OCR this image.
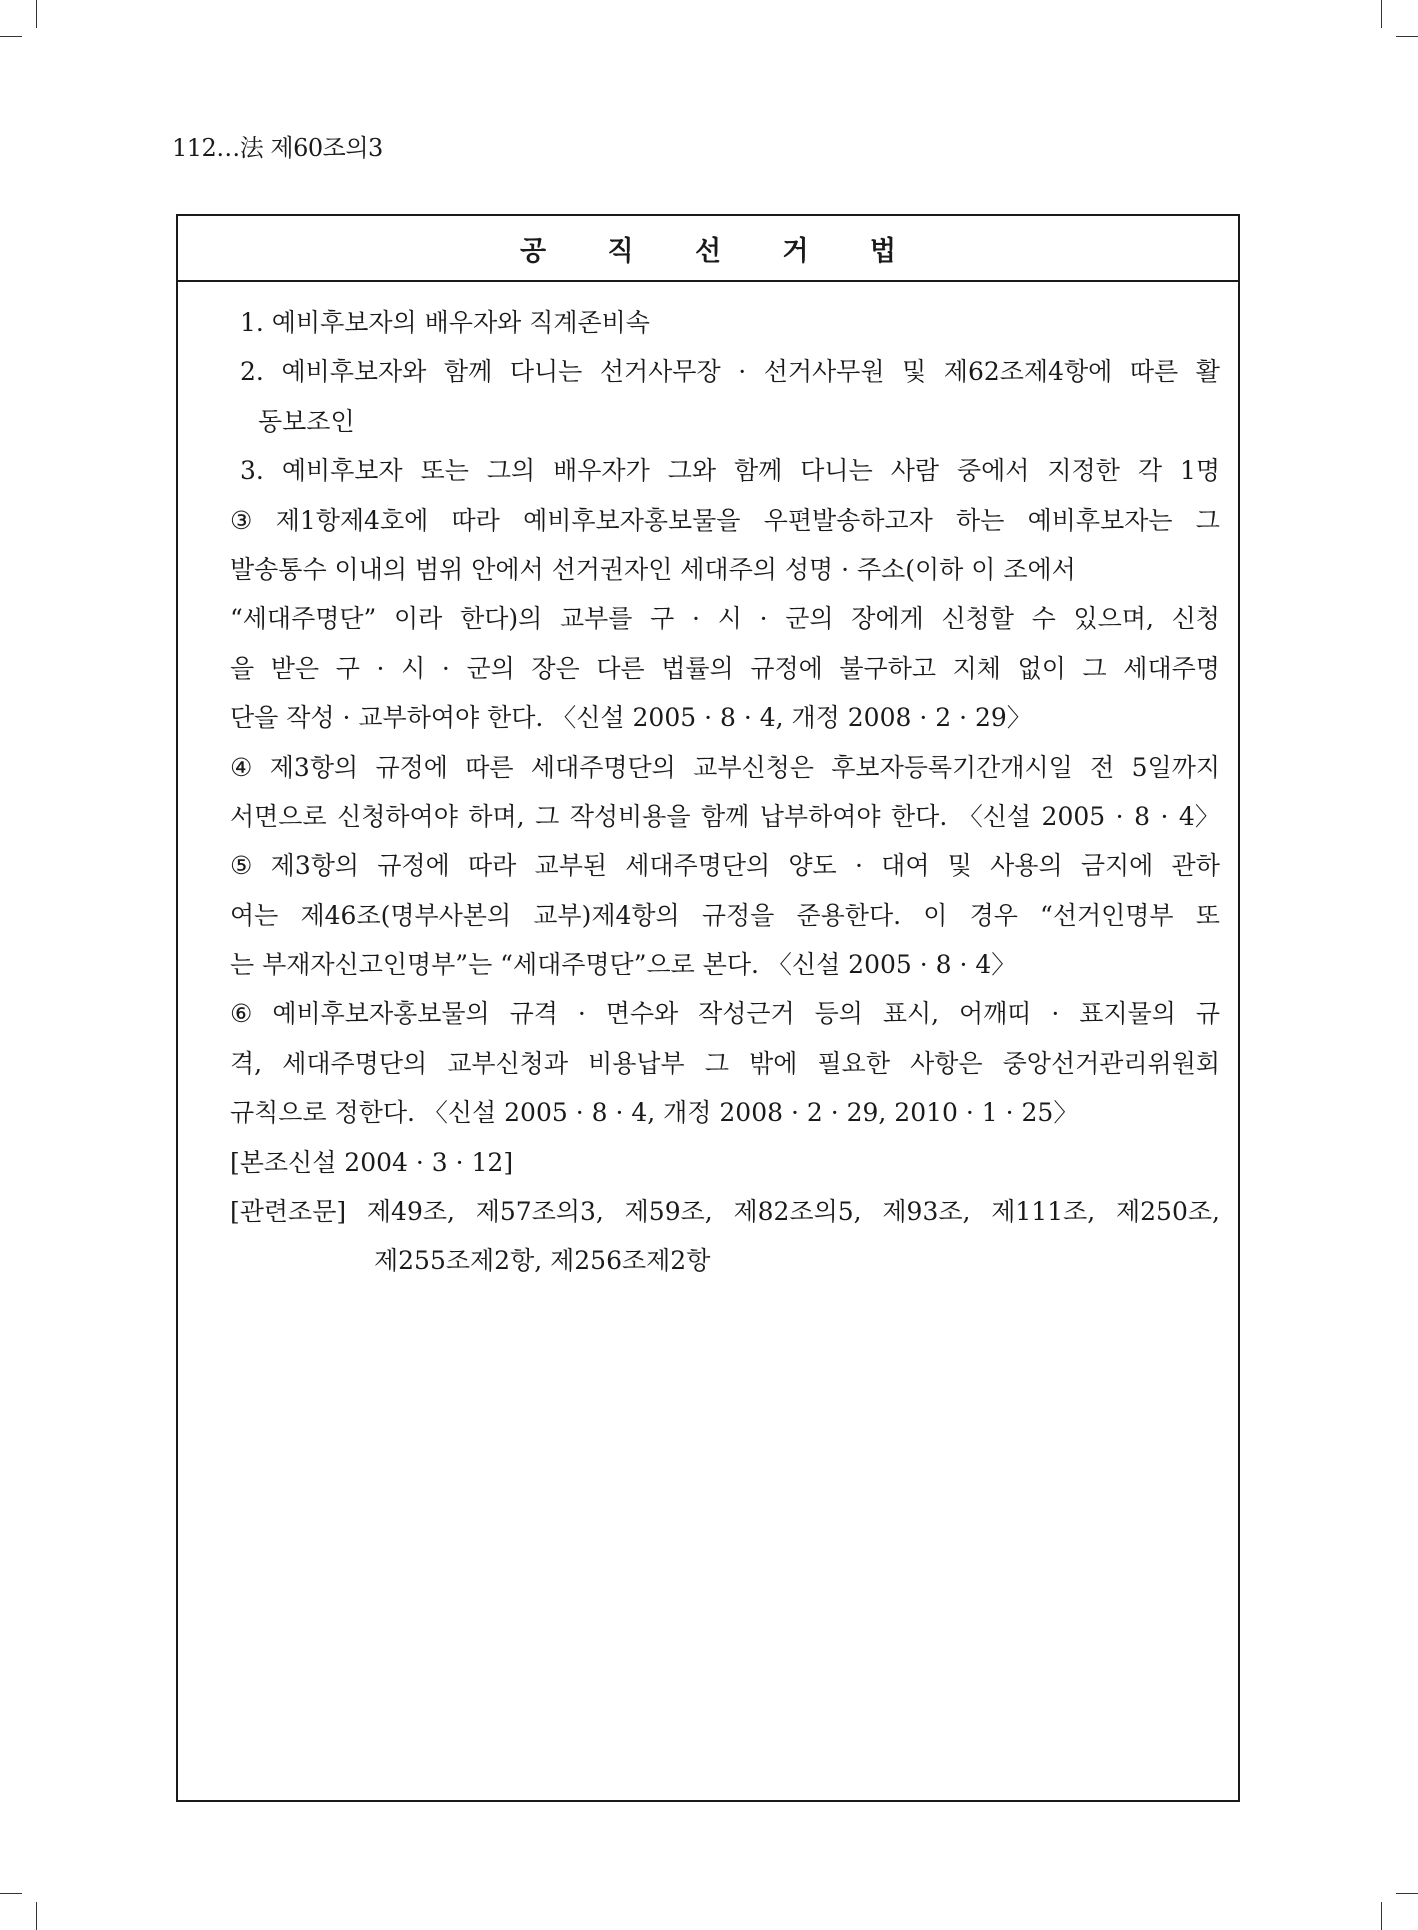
112…法 제60조의3
공 직 선 거 법
1. 예비후보자의 배우자와 직계존비속
2. 예비후보자와 함께 다니는 선거사무장 · 선거사무원 및 제62조제4항에 따른 활
동보조인
3. 예비후보자 또는 그의 배우자가 그와 함께 다니는 사람 중에서 지정한 각 1명
③ 제1항제4호에 따라 예비후보자홍보물을 우편발송하고자 하는 예비후보자는 그
발송통수 이내의 범위 안에서 선거권자인 세대주의 성명 · 주소(이하 이 조에서
“세대주명단” 이라 한다)의 교부를 구 · 시 · 군의 장에게 신청할 수 있으며, 신청
을 받은 구 · 시 · 군의 장은 다른 법률의 규정에 불구하고 지체 없이 그 세대주명
단을 작성 · 교부하여야 한다. 〈신설 2005 · 8 · 4, 개정 2008 · 2 · 29〉
④ 제3항의 규정에 따른 세대주명단의 교부신청은 후보자등록기간개시일 전 5일까지
서면으로 신청하여야 하며, 그 작성비용을 함께 납부하여야 한다. 〈신설 2005 · 8 · 4〉
⑤ 제3항의 규정에 따라 교부된 세대주명단의 양도 · 대여 및 사용의 금지에 관하
여는 제46조(명부사본의 교부)제4항의 규정을 준용한다. 이 경우 “선거인명부 또
는 부재자신고인명부”는 “세대주명단”으로 본다. 〈신설 2005 · 8 · 4〉
⑥ 예비후보자홍보물의 규격 · 면수와 작성근거 등의 표시, 어깨띠 · 표지물의 규
격, 세대주명단의 교부신청과 비용납부 그 밖에 필요한 사항은 중앙선거관리위원회
규칙으로 정한다. 〈신설 2005 · 8 · 4, 개정 2008 · 2 · 29, 2010 · 1 · 25〉
[본조신설 2004 · 3 · 12]
[관련조문] 제49조, 제57조의3, 제59조, 제82조의5, 제93조, 제111조, 제250조,
제255조제2항, 제256조제2항
